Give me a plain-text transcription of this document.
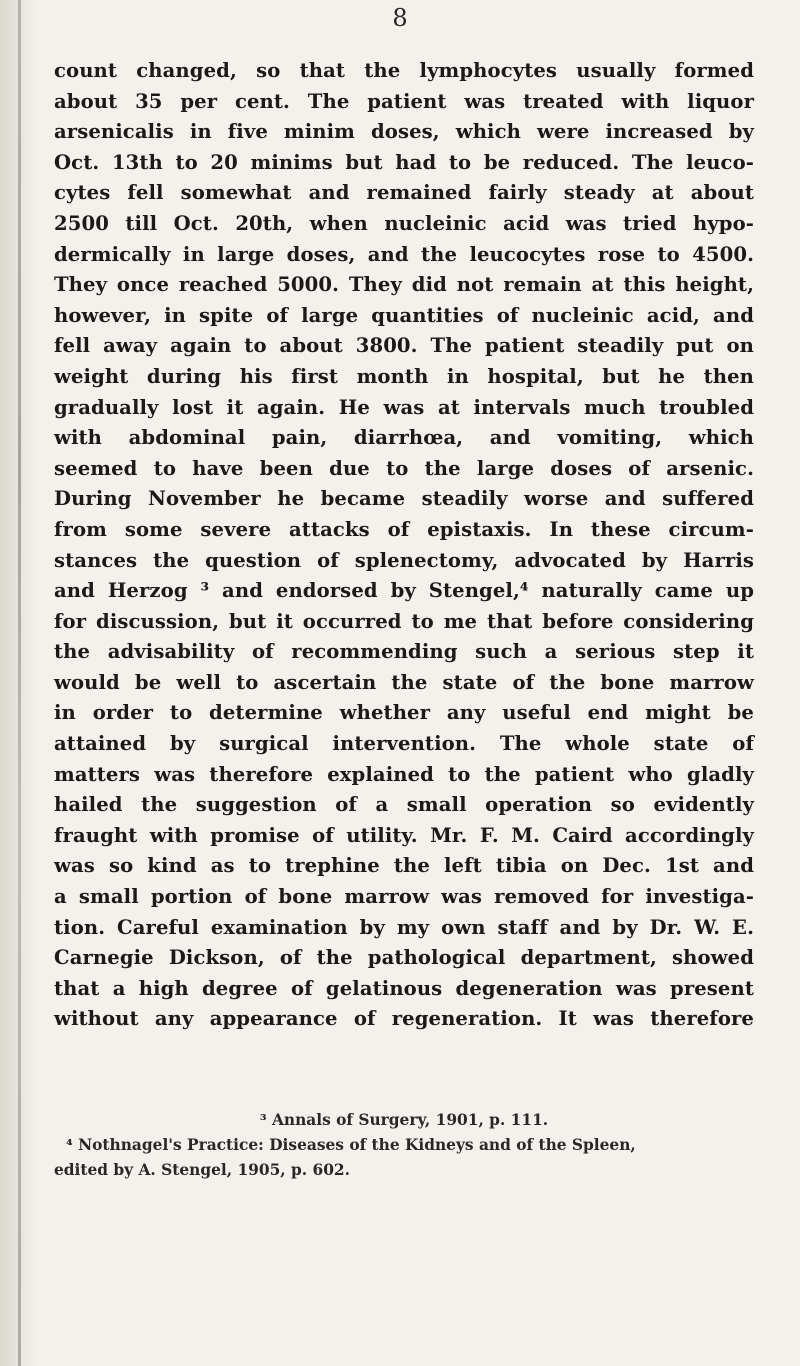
8
count changed, so that the lymphocytes usually formed
about 35 per cent. The patient was treated with liquor
arsenicalis in five minim doses, which were increased by
Oct. 13th to 20 minims but had to be reduced. The leuco-
cytes fell somewhat and remained fairly steady at about
2500 till Oct. 20th, when nucleinic acid was tried hypo-
dermically in large doses, and the leucocytes rose to 4500.
They once reached 5000. They did not remain at this height,
however, in spite of large quantities of nucleinic acid, and
fell away again to about 3800. The patient steadily put on
weight during his first month in hospital, but he then
gradually lost it again. He was at intervals much troubled
with abdominal pain, diarrhœa, and vomiting, which
seemed to have been due to the large doses of arsenic.
During November he became steadily worse and suffered
from some severe attacks of epistaxis. In these circum-
stances the question of splenectomy, advocated by Harris
and Herzog ³ and endorsed by Stengel,⁴ naturally came up
for discussion, but it occurred to me that before considering
the advisability of recommending such a serious step it
would be well to ascertain the state of the bone marrow
in order to determine whether any useful end might be
attained by surgical intervention. The whole state of
matters was therefore explained to the patient who gladly
hailed the suggestion of a small operation so evidently
fraught with promise of utility. Mr. F. M. Caird accordingly
was so kind as to trephine the left tibia on Dec. 1st and
a small portion of bone marrow was removed for investiga-
tion. Careful examination by my own staff and by Dr. W. E.
Carnegie Dickson, of the pathological department, showed
that a high degree of gelatinous degeneration was present
without any appearance of regeneration. It was therefore
³ Annals of Surgery, 1901, p. 111.
⁴ Nothnagel's Practice: Diseases of the Kidneys and of the Spleen,
edited by A. Stengel, 1905, p. 602.
